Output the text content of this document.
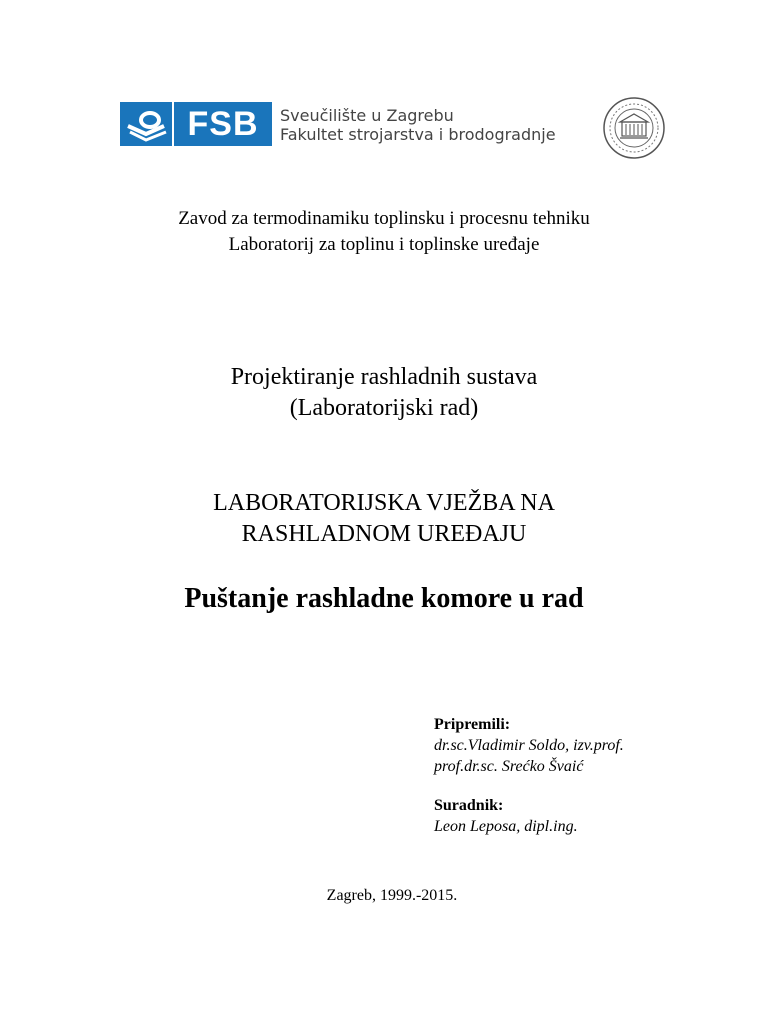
FSB	Sveučilište u Zagrebu
Fakultet strojarstva i brodogradnje
Zavod za termodinamiku toplinsku i procesnu tehniku
Laboratorij za toplinu i toplinske uređaje
Projektiranje rashladnih sustava
(Laboratorijski rad)
LABORATORIJSKA VJEŽBA NA
RASHLADNOM UREĐAJU
Puštanje rashladne komore u rad
Pripremili:
dr.sc.Vladimir Soldo, izv.prof.
prof.dr.sc. Srećko Švaić
Suradnik:
Leon Leposa, dipl.ing.
Zagreb, 1999.-2015.
